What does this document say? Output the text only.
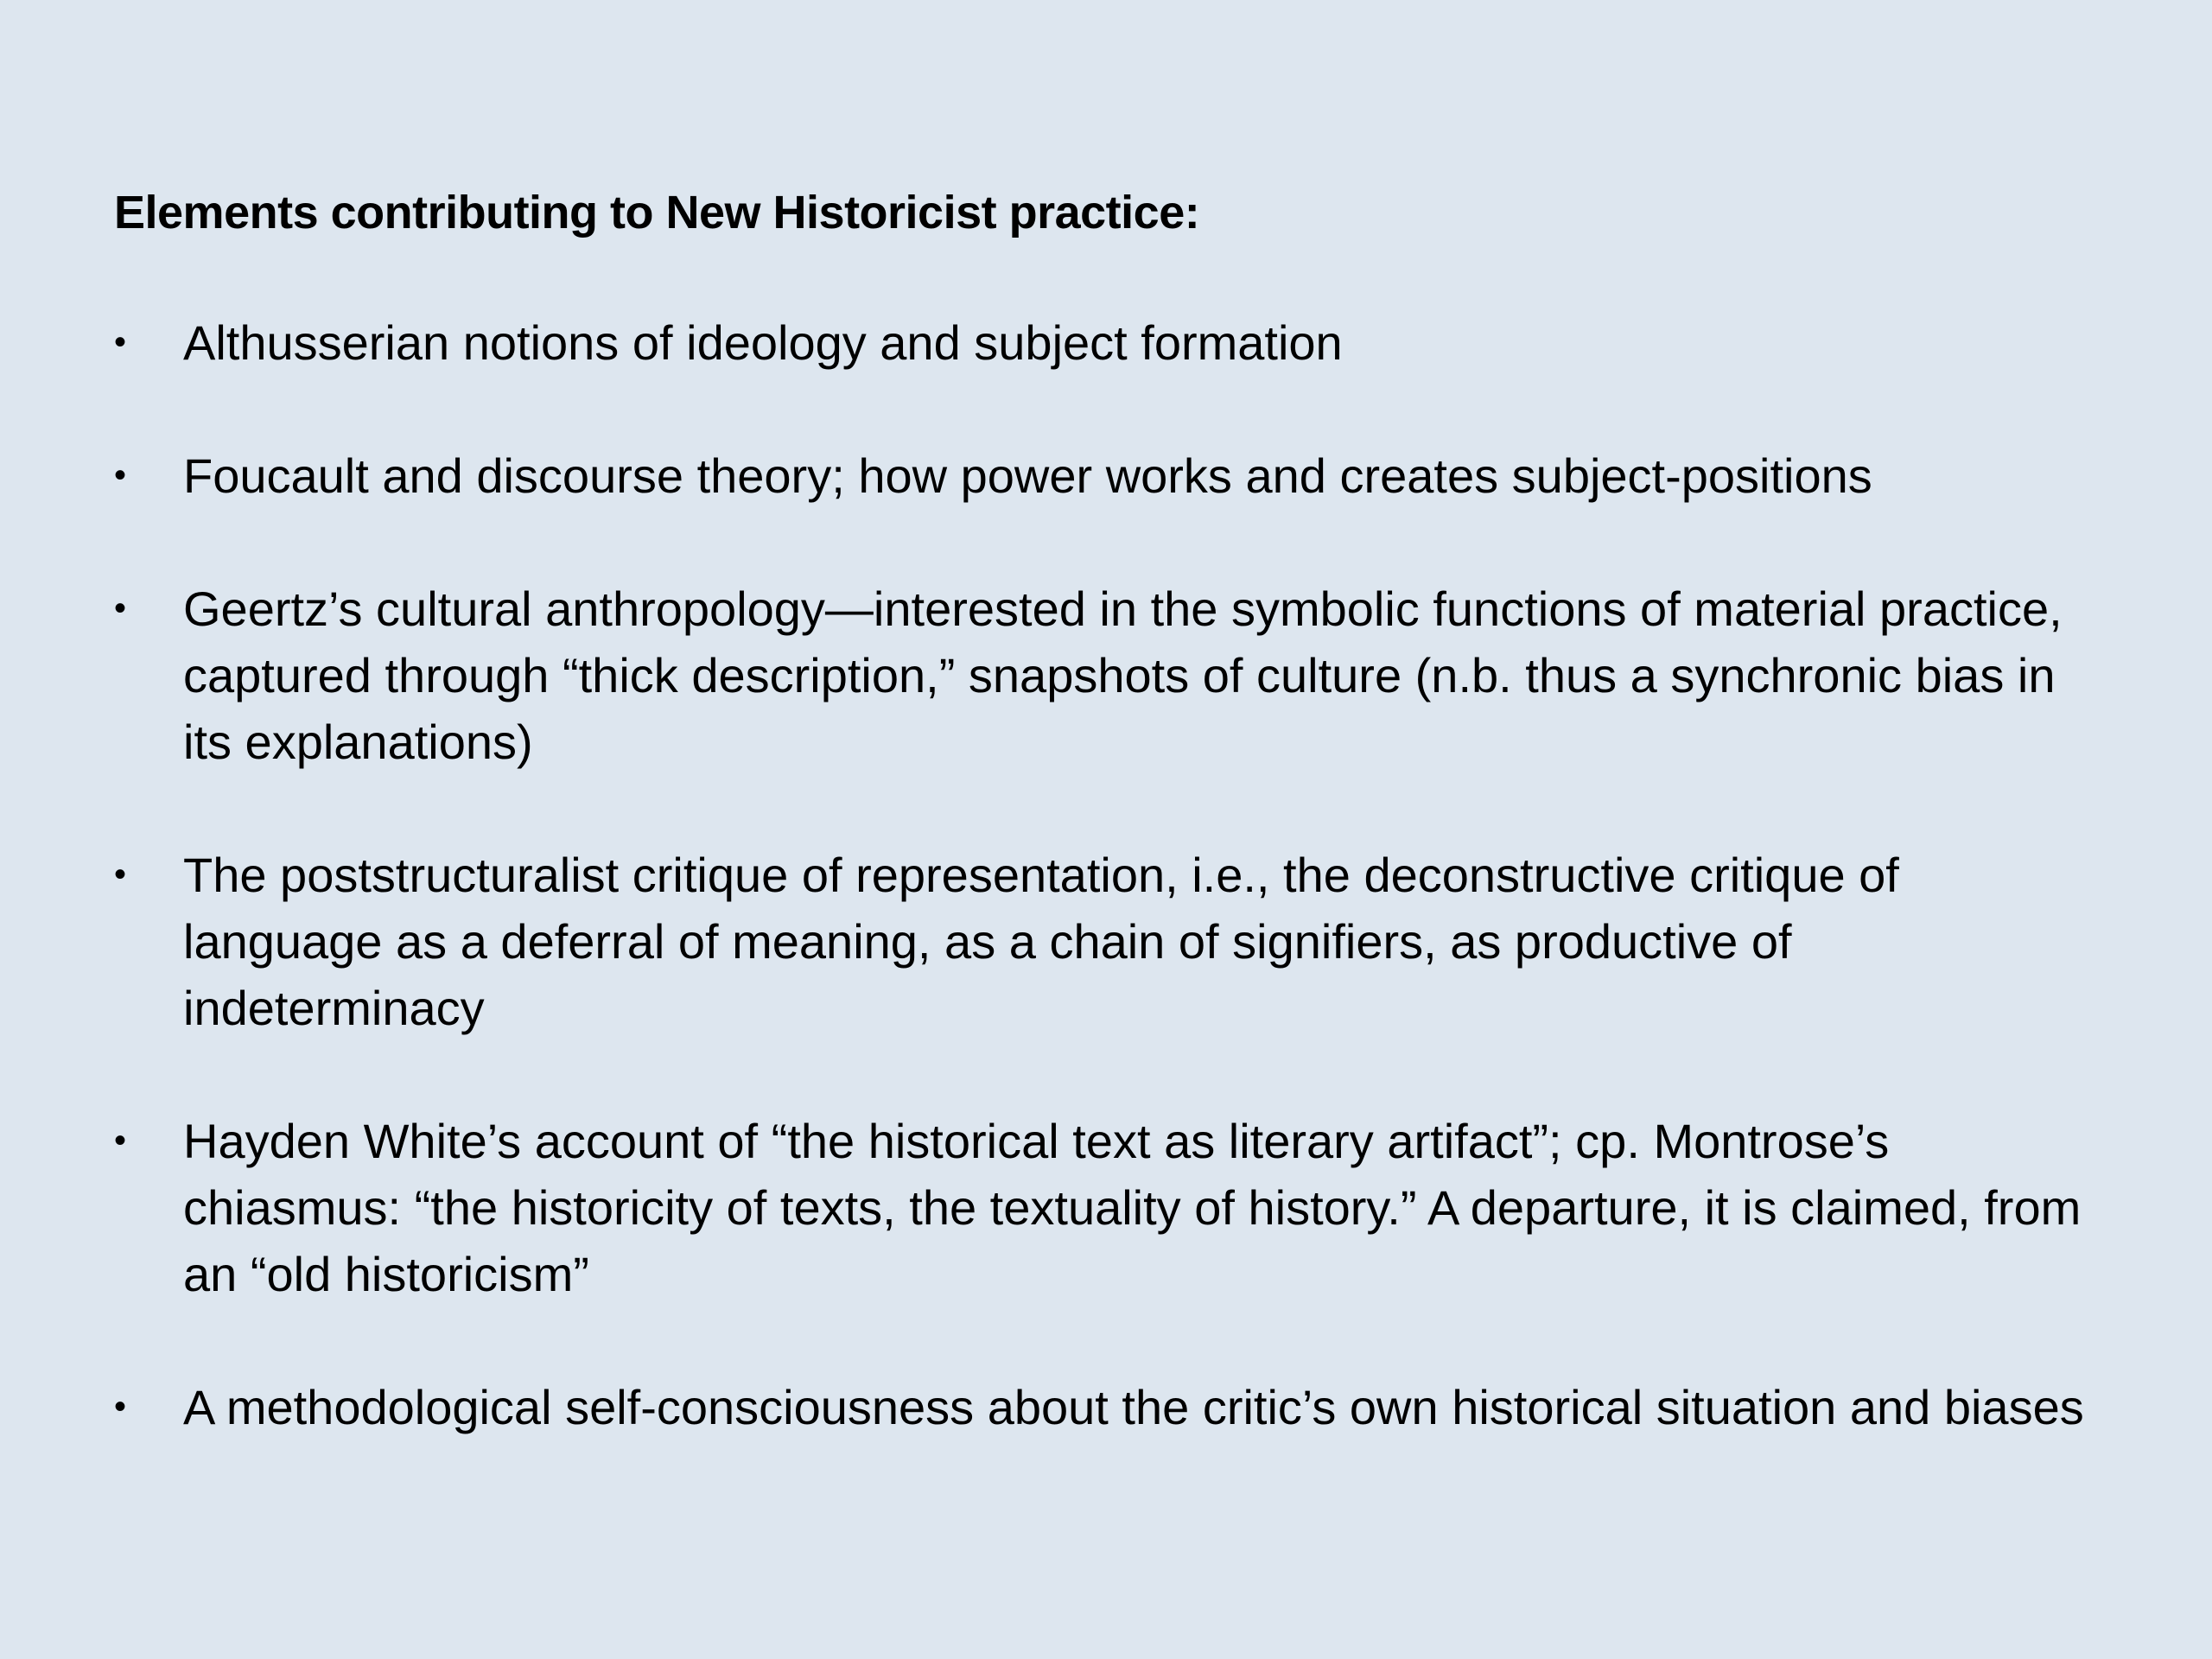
Elements contributing to New Historicist practice:
•	Althusserian notions of ideology and subject formation
•	Foucault and discourse theory; how power works and creates subject-positions
•	Geertz’s cultural anthropology—interested in the symbolic functions of material practice, captured through “thick description,” snapshots of culture (n.b. thus a synchronic bias in its explanations)
•	The poststructuralist critique of representation, i.e., the deconstructive critique of language as a deferral of meaning, as a chain of signifiers, as productive of indeterminacy
•	Hayden White’s account of “the historical text as literary artifact”; cp. Montrose’s chiasmus: “the historicity of texts, the textuality of history.” A departure, it is claimed, from an “old historicism”
•	A methodological self-consciousness about the critic’s own historical situation and biases
